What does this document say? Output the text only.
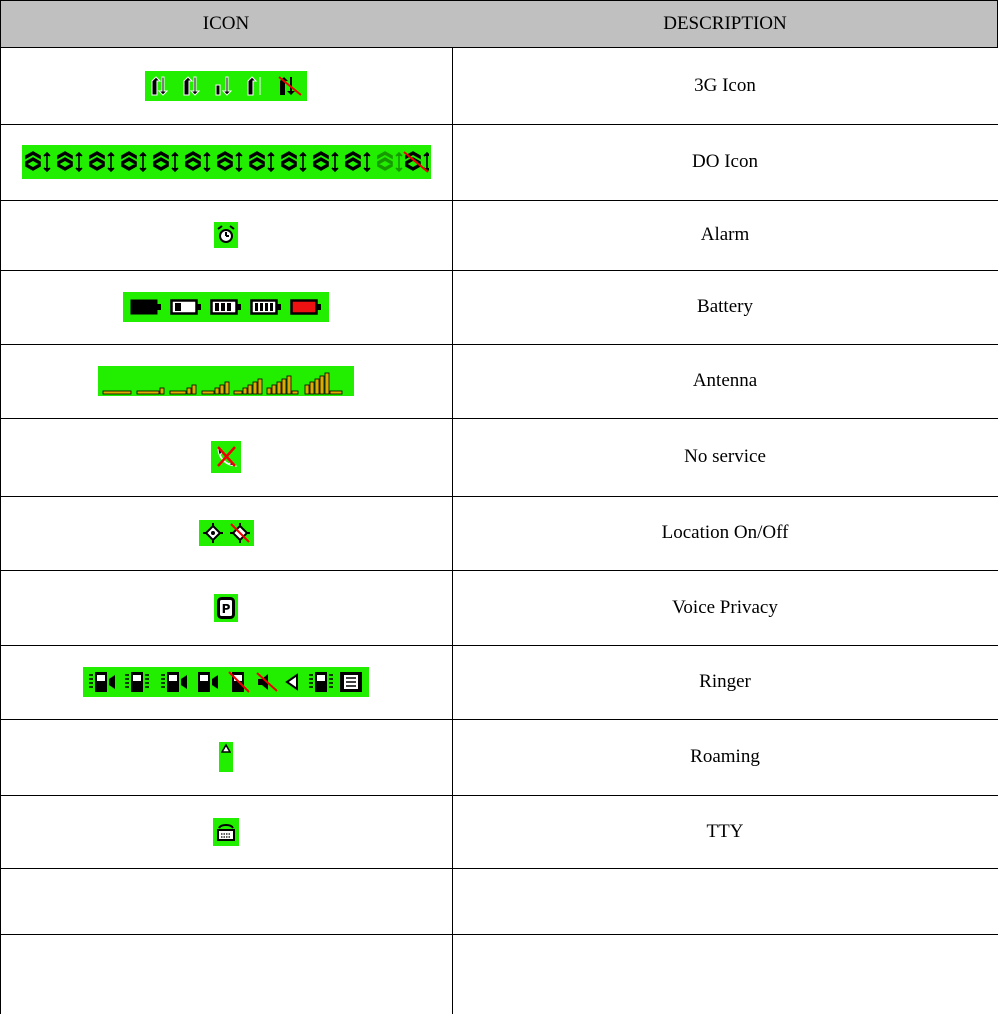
ICON	DESCRIPTION
3G Icon
DO Icon
Alarm
Battery
Antenna
No service
Location On/Off
P	Voice Privacy
Ringer
Roaming
TTY
